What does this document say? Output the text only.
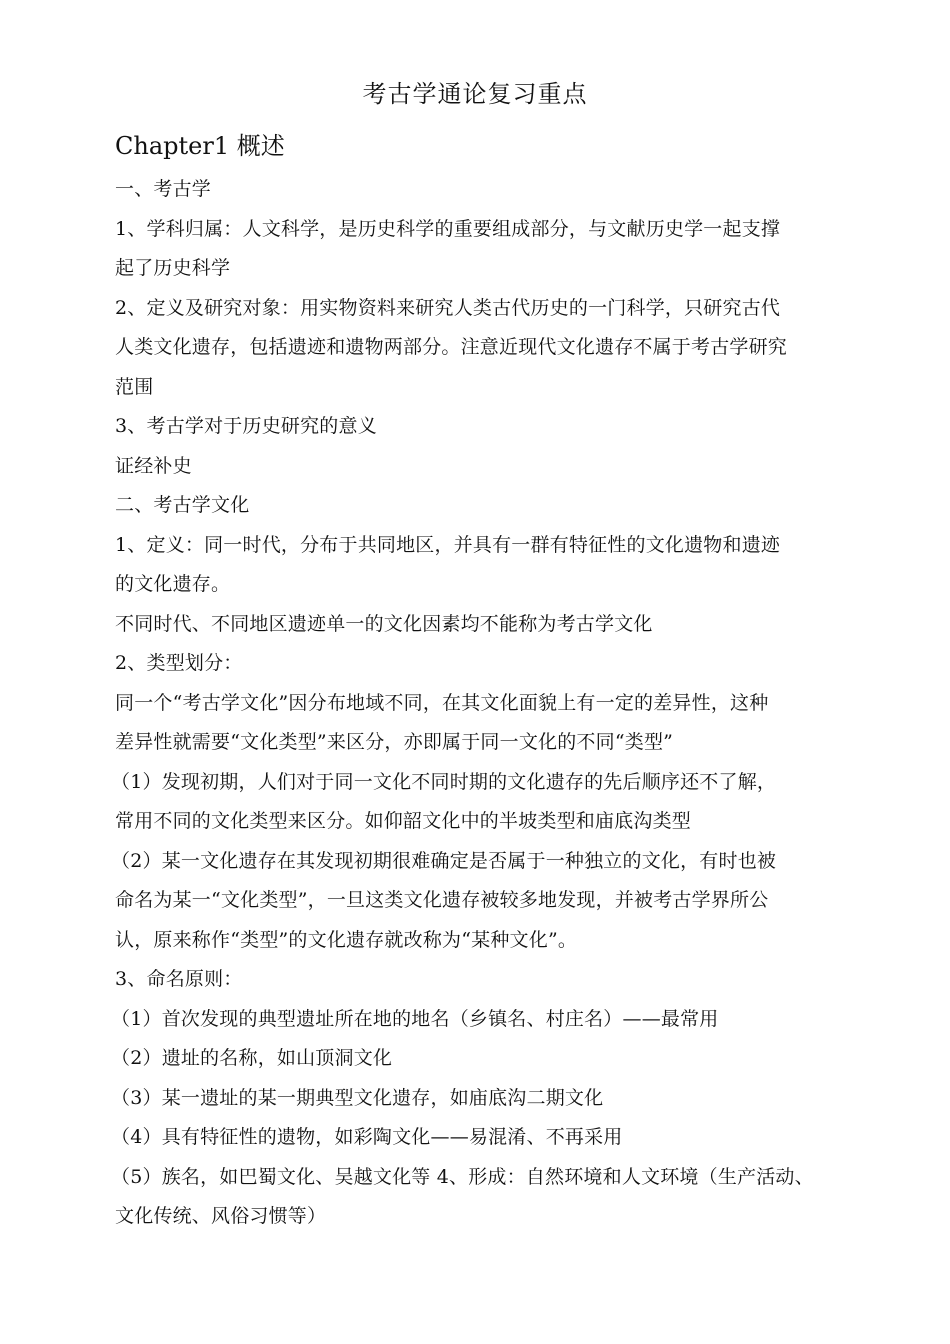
考古学通论复习重点
Chapter1 概述
一、考古学
1、学科归属：人文科学，是历史科学的重要组成部分，与文献历史学一起支撑
起了历史科学
2、定义及研究对象：用实物资料来研究人类古代历史的一门科学，只研究古代
人类文化遗存，包括遗迹和遗物两部分。注意近现代文化遗存不属于考古学研究
范围
3、考古学对于历史研究的意义
证经补史
二、考古学文化
1、定义：同一时代，分布于共同地区，并具有一群有特征性的文化遗物和遗迹
的文化遗存。
不同时代、不同地区遗迹单一的文化因素均不能称为考古学文化
2、类型划分：
同一个“考古学文化”因分布地域不同，在其文化面貌上有一定的差异性，这种
差异性就需要“文化类型”来区分，亦即属于同一文化的不同“类型”
（1）发现初期，人们对于同一文化不同时期的文化遗存的先后顺序还不了解，
常用不同的文化类型来区分。如仰韶文化中的半坡类型和庙底沟类型
（2）某一文化遗存在其发现初期很难确定是否属于一种独立的文化，有时也被
命名为某一“文化类型”，一旦这类文化遗存被较多地发现，并被考古学界所公
认，原来称作“类型”的文化遗存就改称为“某种文化”。
3、命名原则：
（1）首次发现的典型遗址所在地的地名（乡镇名、村庄名）——最常用
（2）遗址的名称，如山顶洞文化
（3）某一遗址的某一期典型文化遗存，如庙底沟二期文化
（4）具有特征性的遗物，如彩陶文化——易混淆、不再采用
（5）族名，如巴蜀文化、吴越文化等 4、形成：自然环境和人文环境（生产活动、
文化传统、风俗习惯等）
